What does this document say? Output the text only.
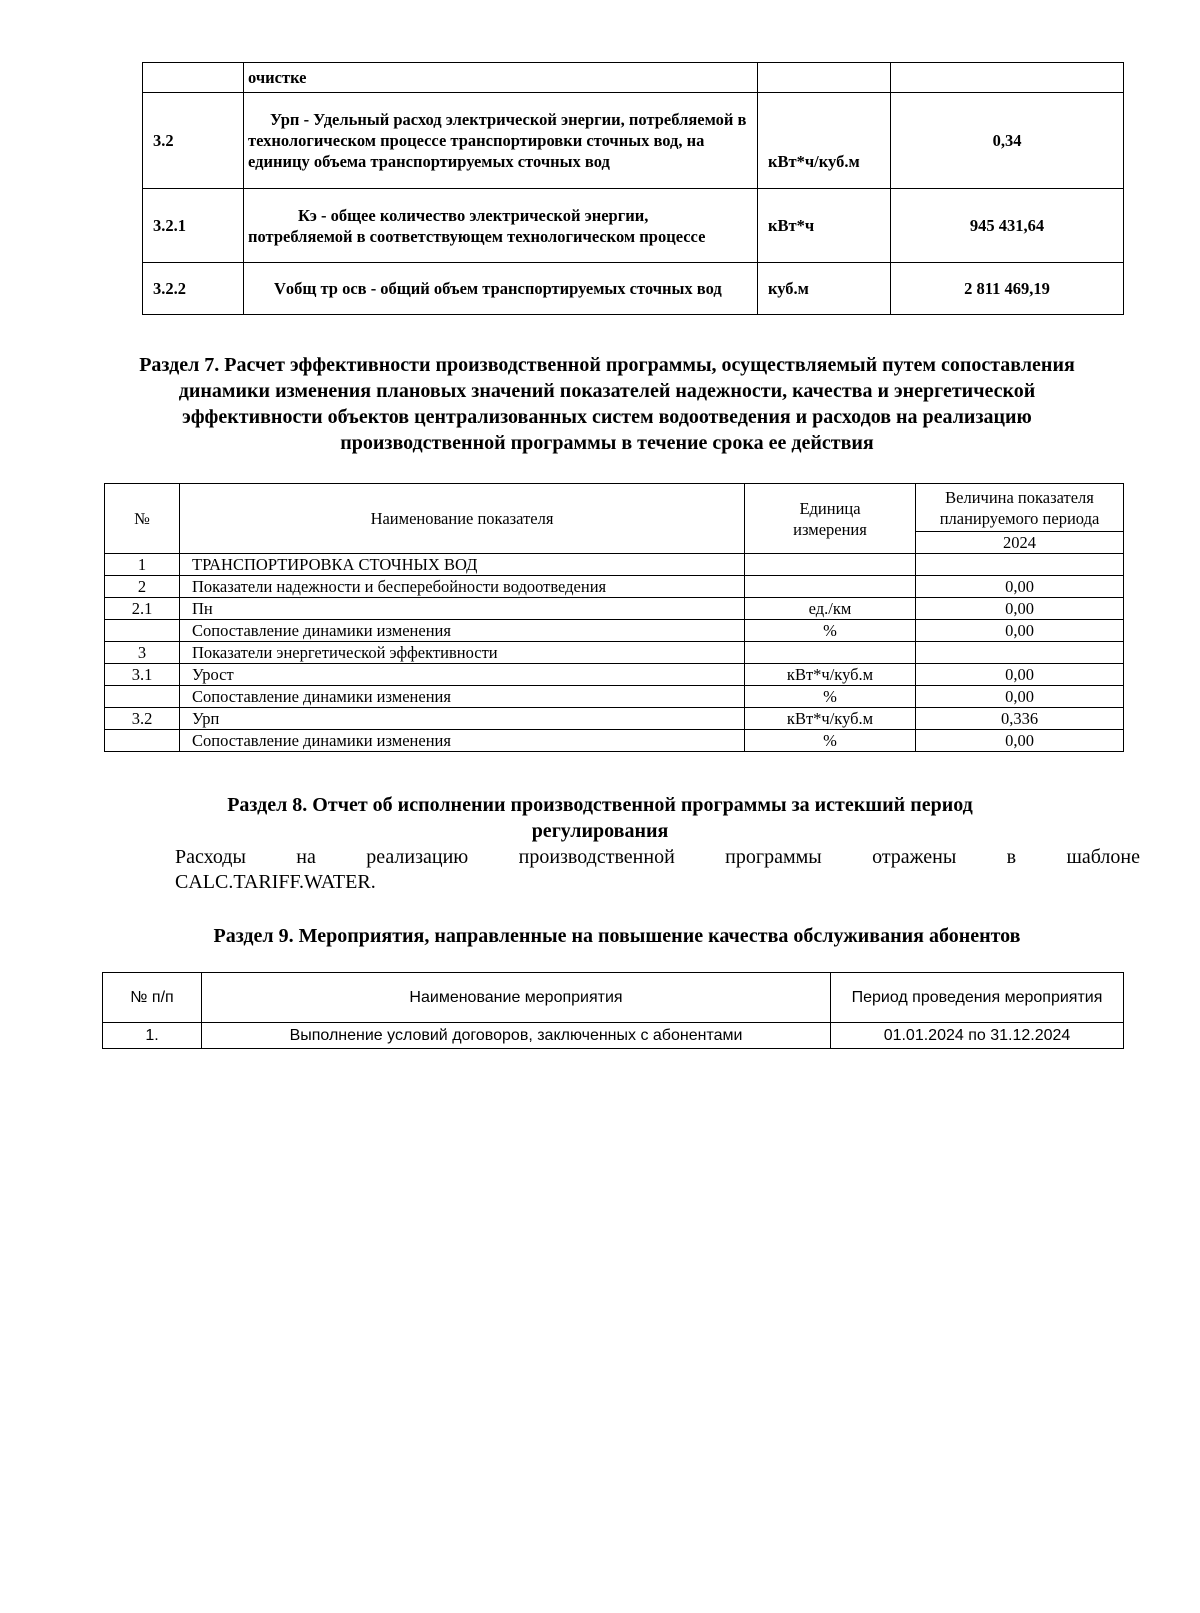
	очистке		
3.2	Урп - Удельный расход электрической энергии, потребляемой в технологическом процессе транспортировки сточных вод, на единицу объема транспортируемых сточных вод	кВт*ч/куб.м	0,34
3.2.1	Кэ - общее количество электрической энергии, потребляемой в соответствующем технологическом процессе	кВт*ч	945 431,64
3.2.2	Vобщ тр осв - общий объем транспортируемых сточных вод	куб.м	2 811 469,19
Раздел 7. Расчет эффективности производственной программы, осуществляемый путем сопоставления динамики изменения плановых значений показателей надежности, качества и энергетической эффективности объектов централизованных систем водоотведения и расходов на реализацию производственной программы в течение срока ее действия
№	Наименование показателя	Единица измерения	Величина показателя планируемого периода
			2024
1	ТРАНСПОРТИРОВКА СТОЧНЫХ ВОД		
2	Показатели надежности и бесперебойности водоотведения		0,00
2.1	Пн	ед./км	0,00
	Сопоставление динамики изменения	%	0,00
3	Показатели энергетической эффективности		
3.1	Урост	кВт*ч/куб.м	0,00
	Сопоставление динамики изменения	%	0,00
3.2	Урп	кВт*ч/куб.м	0,336
	Сопоставление динамики изменения	%	0,00
Раздел 8. Отчет об исполнении производственной программы за истекший период
регулирования
Расходы на реализацию производственной программы отражены в шаблоне
CALC.TARIFF.WATER.
Раздел 9. Мероприятия, направленные на повышение качества обслуживания абонентов
№ п/п	Наименование мероприятия	Период проведения мероприятия
1.	Выполнение условий договоров, заключенных с абонентами	01.01.2024 по 31.12.2024
